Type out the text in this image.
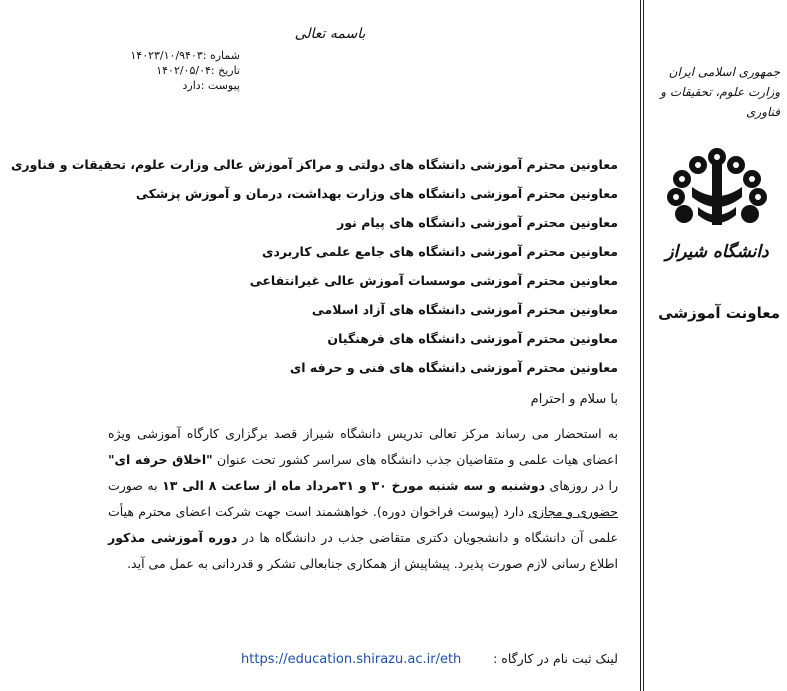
باسمه تعالی
شماره :
۱۴۰۲۳/۱۰/۹۴۰۳
تاریخ :
۱۴۰۲/۰۵/۰۴
پیوست :
دارد
جمهوری اسلامی ایران
وزارت علوم، تحقیقات و فناوری
دانشگاه شیراز
معاونت آموزشی
معاونین محترم آموزشی دانشگاه های دولتی و مراکز آموزش عالی وزارت علوم، تحقیقات و فناوری
معاونین محترم آموزشی دانشگاه های وزارت بهداشت، درمان و آموزش پزشکی
معاونین محترم آموزشی دانشگاه های پیام نور
معاونین محترم آموزشی دانشگاه های جامع علمی کاربردی
معاونین محترم آموزشی موسسات آموزش عالی غیرانتفاعی
معاونین محترم آموزشی دانشگاه های آزاد اسلامی
معاونین محترم آموزشی دانشگاه های فرهنگیان
معاونین محترم آموزشی دانشگاه های فنی و حرفه ای
با سلام و احترام
به استحضار می رساند مرکز تعالی تدریس دانشگاه شیراز قصد برگزاری کارگاه آموزشی ویژه اعضای هیات علمی و متقاضیان جذب دانشگاه های سراسر کشور تحت عنوان "اخلاق حرفه ای" را در روزهای دوشنبه و سه شنبه مورخ ۳۰ و ۳۱مرداد ماه از ساعت ۸ الی ۱۳ به صورت حضوری و مجازی دارد (پیوست فراخوان دوره). خواهشمند است جهت شرکت اعضای محترم هیأت علمی آن دانشگاه و دانشجویان دکتری متقاضی جذب در دانشگاه ها در دوره آموزشی مذکور اطلاع رسانی لازم صورت پذیرد. پیشاپیش از همکاری جنابعالی تشکر و قدردانی به عمل می آید.
لینک ثبت نام در کارگاه :        https://education.shirazu.ac.ir/eth
